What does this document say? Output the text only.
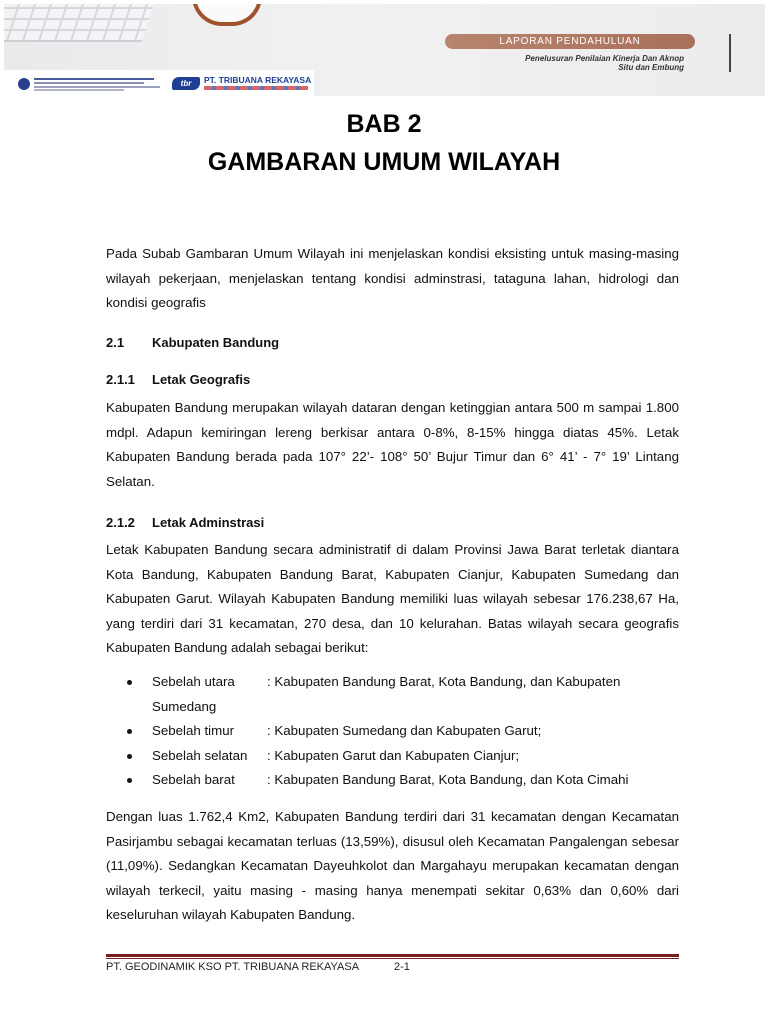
tbr	PT. TRIBUANA REKAYASA
LAPORAN PENDAHULUAN
Penelusuran Penilaian Kinerja Dan Aknop
Situ dan Embung
BAB 2
GAMBARAN UMUM WILAYAH
Pada Subab Gambaran Umum Wilayah ini menjelaskan kondisi eksisting untuk masing-masing wilayah pekerjaan, menjelaskan tentang kondisi adminstrasi, tataguna lahan, hidrologi dan kondisi geografis
2.1 Kabupaten Bandung
2.1.1 Letak Geografis
Kabupaten Bandung merupakan wilayah dataran dengan ketinggian antara 500 m sampai 1.800 mdpl. Adapun kemiringan lereng berkisar antara 0-8%, 8-15% hingga diatas 45%. Letak Kabupaten Bandung berada pada 107° 22’- 108° 50’ Bujur Timur dan 6° 41’ - 7° 19’ Lintang Selatan.
2.1.2 Letak Adminstrasi
Letak Kabupaten Bandung secara administratif di dalam Provinsi Jawa Barat terletak diantara Kota Bandung, Kabupaten Bandung Barat, Kabupaten Cianjur, Kabupaten Sumedang dan Kabupaten Garut. Wilayah Kabupaten Bandung memiliki luas wilayah sebesar 176.238,67 Ha, yang terdiri dari 31 kecamatan, 270 desa, dan 10 kelurahan. Batas wilayah secara geografis Kabupaten Bandung adalah sebagai berikut:
Sebelah utara : Kabupaten Bandung Barat, Kota Bandung, dan Kabupaten
Sumedang
Sebelah timur : Kabupaten Sumedang dan Kabupaten Garut;
Sebelah selatan : Kabupaten Garut dan Kabupaten Cianjur;
Sebelah barat : Kabupaten Bandung Barat, Kota Bandung, dan Kota Cimahi
Dengan luas 1.762,4 Km2, Kabupaten Bandung terdiri dari 31 kecamatan dengan Kecamatan Pasirjambu sebagai kecamatan terluas (13,59%), disusul oleh Kecamatan Pangalengan sebesar (11,09%). Sedangkan Kecamatan Dayeuhkolot dan Margahayu merupakan kecamatan dengan wilayah terkecil, yaitu masing - masing hanya menempati sekitar 0,63% dan 0,60% dari keseluruhan wilayah Kabupaten Bandung.
PT. GEODINAMIK KSO PT. TRIBUANA REKAYASA	2-1
